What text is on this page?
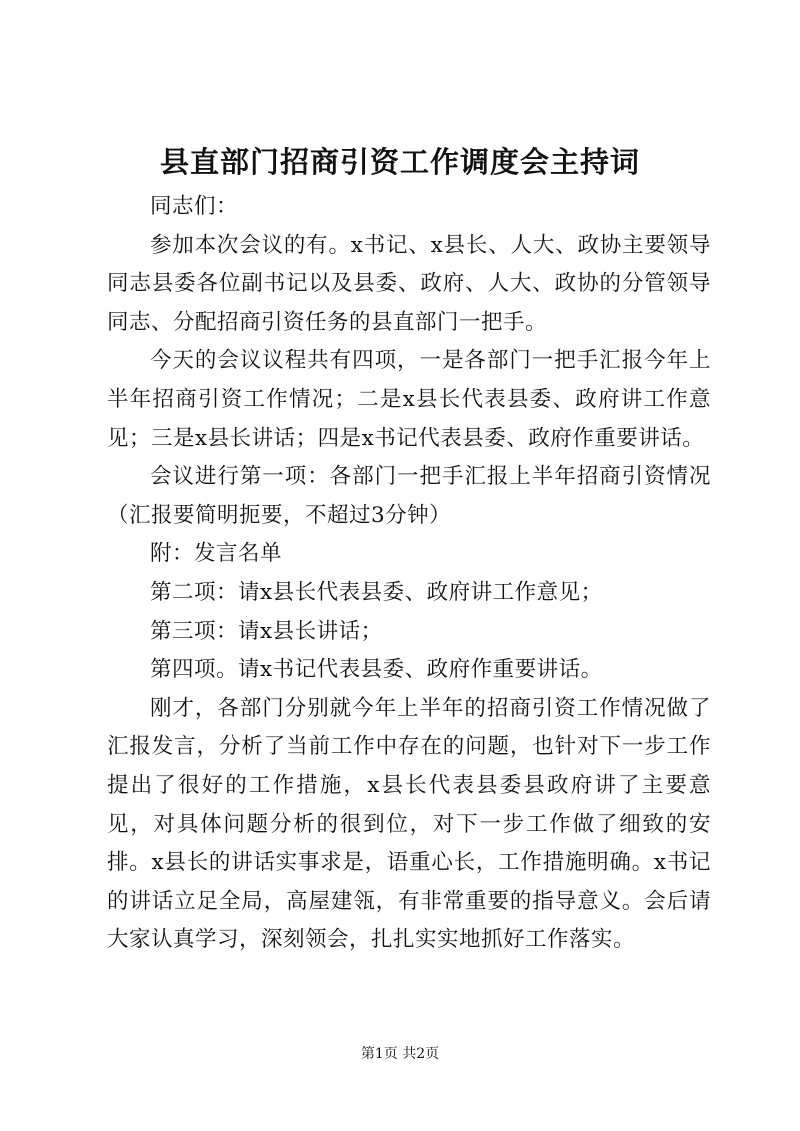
县直部门招商引资工作调度会主持词

同志们：

参加本次会议的有。x书记、x县长、人大、政协主要领导同志县委各位副书记以及县委、政府、人大、政协的分管领导同志、分配招商引资任务的县直部门一把手。

今天的会议议程共有四项，一是各部门一把手汇报今年上半年招商引资工作情况；二是x县长代表县委、政府讲工作意见；三是x县长讲话；四是x书记代表县委、政府作重要讲话。

会议进行第一项：各部门一把手汇报上半年招商引资情况（汇报要简明扼要，不超过3分钟）

附：发言名单

第二项：请x县长代表县委、政府讲工作意见；

第三项：请x县长讲话；

第四项。请x书记代表县委、政府作重要讲话。

刚才，各部门分别就今年上半年的招商引资工作情况做了汇报发言，分析了当前工作中存在的问题，也针对下一步工作提出了很好的工作措施，x县长代表县委县政府讲了主要意见，对具体问题分析的很到位，对下一步工作做了细致的安排。x县长的讲话实事求是，语重心长，工作措施明确。x书记的讲话立足全局，高屋建瓴，有非常重要的指导意义。会后请大家认真学习，深刻领会，扎扎实实地抓好工作落实。

第1页 共2页
